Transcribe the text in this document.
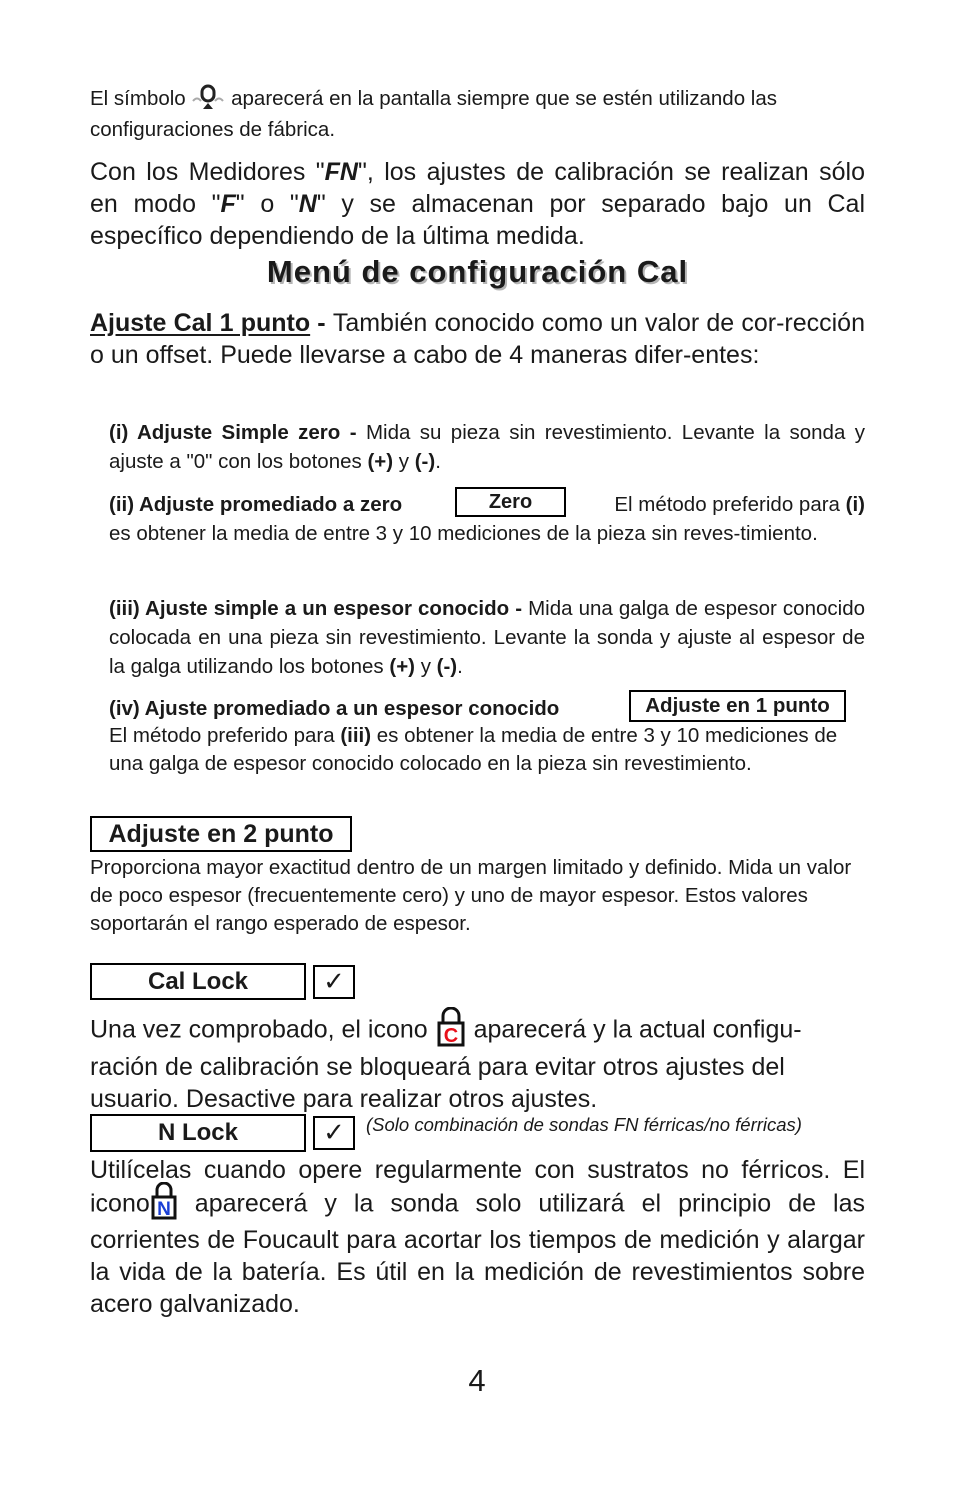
El símbolo aparecerá en la pantalla siempre que se estén utilizando las configuraciones de fábrica.
Con los Medidores "FN", los ajustes de calibración se realizan sólo en modo "F" o "N" y se almacenan por separado bajo un Cal específico dependiendo de la última medida.
Menú de configuración Cal
Ajuste Cal 1 punto - También conocido como un valor de cor-rección o un offset. Puede llevarse a cabo de 4 maneras difer-entes:
(i) Adjuste Simple zero - Mida su pieza sin revestimiento. Levante la sonda y ajuste a "0" con los botones (+) y (-).
(ii) Adjuste promediado a zero	Zero	El método preferido para (i)
es obtener la media de entre 3 y 10 mediciones de la pieza sin reves-timiento.
(iii) Ajuste simple a un espesor conocido - Mida una galga de espesor conocido colocada en una pieza sin revestimiento. Levante la sonda y ajuste al espesor de la galga utilizando los botones (+) y (-).
(iv) Ajuste promediado a un espesor conocido	Adjuste en 1 punto
El método preferido para (iii) es obtener la media de entre 3 y 10 mediciones de una galga de espesor conocido colocado en la pieza sin revestimiento.
Adjuste en 2 punto
Proporciona mayor exactitud dentro de un margen limitado y definido. Mida un valor de poco espesor (frecuentemente cero) y uno de mayor espesor. Estos valores soportarán el rango esperado de espesor.
Cal Lock	✓
Una vez comprobado, el icono C aparecerá y la actual configu-ración de calibración se bloqueará para evitar otros ajustes del usuario. Desactive para realizar otros ajustes.
N Lock	✓	(Solo combinación de sondas FN férricas/no férricas)
Utilícelas cuando opere regularmente con sustratos no férricos. El icono N aparecerá y la sonda solo utilizará el principio de las corrientes de Foucault para acortar los tiempos de medición y alargar la vida de la batería. Es útil en la medición de revestimientos sobre acero galvanizado.
4
